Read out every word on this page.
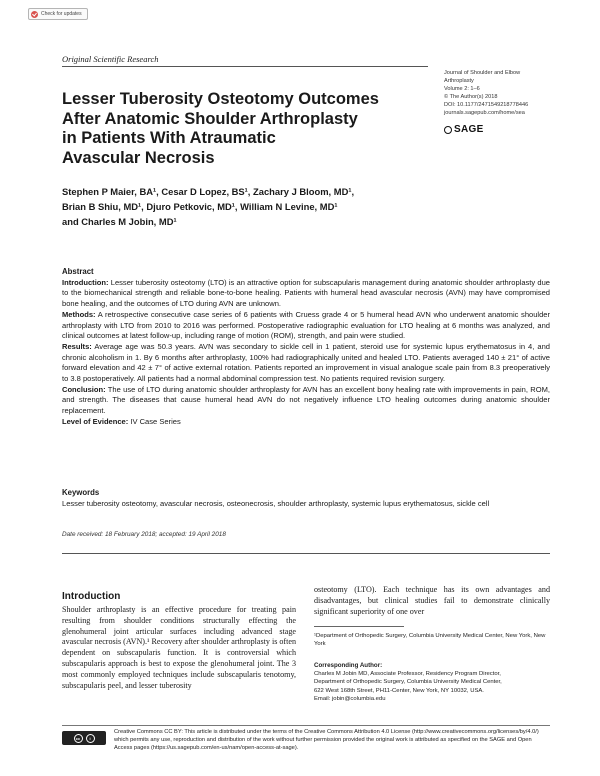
Check for updates
Original Scientific Research
Journal of Shoulder and Elbow
Arthroplasty
Volume 2: 1–6
© The Author(s) 2018
DOI: 10.1177/2471549218778446
journals.sagepub.com/home/sea
SAGE
Lesser Tuberosity Osteotomy Outcomes
After Anatomic Shoulder Arthroplasty
in Patients With Atraumatic
Avascular Necrosis
Stephen P Maier, BA¹, Cesar D Lopez, BS¹, Zachary J Bloom, MD¹,
Brian B Shiu, MD¹, Djuro Petkovic, MD¹, William N Levine, MD¹
and Charles M Jobin, MD¹
Abstract

Introduction: Lesser tuberosity osteotomy (LTO) is an attractive option for subscapularis management during anatomic shoulder arthroplasty due to the biomechanical strength and reliable bone-to-bone healing. Patients with humeral head avascular necrosis (AVN) may have compromised bone healing, and the outcomes of LTO during AVN are unknown.

Methods: A retrospective consecutive case series of 6 patients with Cruess grade 4 or 5 humeral head AVN who underwent anatomic shoulder arthroplasty with LTO from 2010 to 2016 was performed. Postoperative radiographic evaluation for LTO healing at 6 months was analyzed, and clinical outcomes at latest follow-up, including range of motion (ROM), strength, and pain were studied.

Results: Average age was 50.3 years. AVN was secondary to sickle cell in 1 patient, steroid use for systemic lupus erythematosus in 4, and chronic alcoholism in 1. By 6 months after arthroplasty, 100% had radiographically united and healed LTO. Patients averaged 140 ± 21° of active forward elevation and 42 ± 7° of active external rotation. Patients reported an improvement in visual analogue scale pain from 8.3 preoperatively to 3.8 postoperatively. All patients had a normal abdominal compression test. No patients required revision surgery.

Conclusion: The use of LTO during anatomic shoulder arthroplasty for AVN has an excellent bony healing rate with improvements in pain, ROM, and strength. The diseases that cause humeral head AVN do not negatively influence LTO healing outcomes during anatomic shoulder replacement.

Level of Evidence: IV Case Series

Keywords
Lesser tuberosity osteotomy, avascular necrosis, osteonecrosis, shoulder arthroplasty, systemic lupus erythematosus, sickle cell
Date received: 18 February 2018; accepted: 19 April 2018
Introduction
Shoulder arthroplasty is an effective procedure for treating pain resulting from shoulder conditions structurally effecting the glenohumeral joint articular surfaces including advanced stage avascular necrosis (AVN).¹ Recovery after shoulder arthroplasty is often dependent on subscapularis function. It is controversial which subscapularis approach is best to expose the glenohumeral joint. The 3 most commonly employed techniques include subscapularis tenotomy, subscapularis peel, and lesser tuberosity
osteotomy (LTO). Each technique has its own advantages and disadvantages, but clinical studies fail to demonstrate clinically significant superiority of one over
¹Department of Orthopedic Surgery, Columbia University Medical Center, New York, New York
Corresponding Author:
Charles M Jobin MD, Associate Professor, Residency Program Director,
Department of Orthopedic Surgery, Columbia University Medical Center,
622 West 168th Street, PH11-Center, New York, NY 10032, USA.
Email: jobin@columbia.edu
cc	i
Creative Commons CC BY: This article is distributed under the terms of the Creative Commons Attribution 4.0 License (http://www.creativecommons.org/licenses/by/4.0/) which permits any use, reproduction and distribution of the work without further permission provided the original work is attributed as specified on the SAGE and Open Access pages (https://us.sagepub.com/en-us/nam/open-access-at-sage).
